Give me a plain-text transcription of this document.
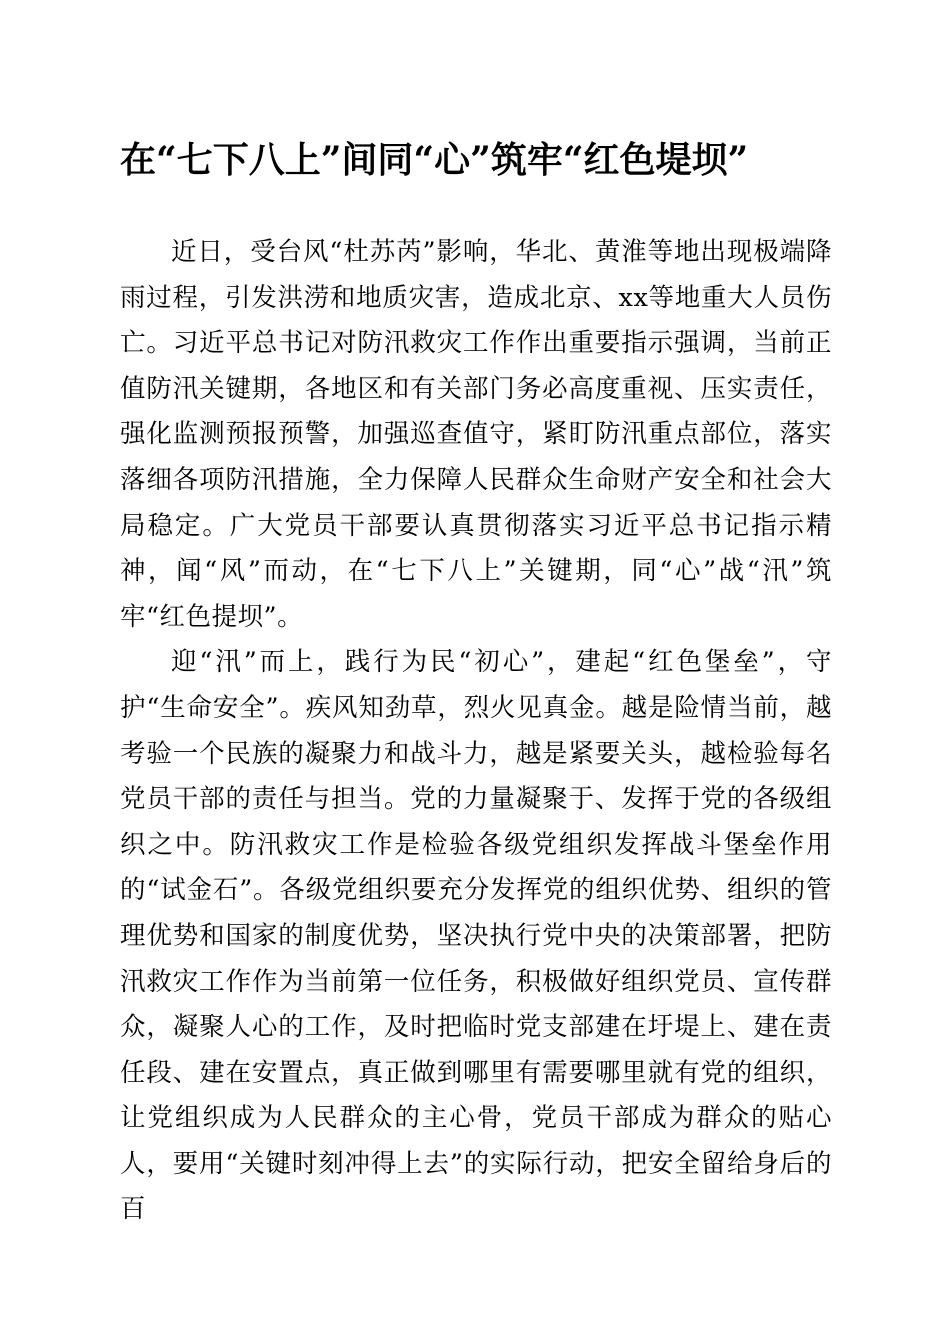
在“七下八上”间同“心”筑牢“红色堤坝”

近日，受台风“杜苏芮”影响，华北、黄淮等地出现极端降雨过程，引发洪涝和地质灾害，造成北京、xx等地重大人员伤亡。习近平总书记对防汛救灾工作作出重要指示强调，当前正值防汛关键期，各地区和有关部门务必高度重视、压实责任，强化监测预报预警，加强巡查值守，紧盯防汛重点部位，落实落细各项防汛措施，全力保障人民群众生命财产安全和社会大局稳定。广大党员干部要认真贯彻落实习近平总书记指示精神，闻“风”而动，在“七下八上”关键期，同“心”战“汛”筑牢“红色提坝”。

迎“汛”而上，践行为民“初心”，建起“红色堡垒”，守护“生命安全”。疾风知劲草，烈火见真金。越是险情当前，越考验一个民族的凝聚力和战斗力，越是紧要关头，越检验每名党员干部的责任与担当。党的力量凝聚于、发挥于党的各级组织之中。防汛救灾工作是检验各级党组织发挥战斗堡垒作用的“试金石”。各级党组织要充分发挥党的组织优势、组织的管理优势和国家的制度优势，坚决执行党中央的决策部署，把防汛救灾工作作为当前第一位任务，积极做好组织党员、宣传群众，凝聚人心的工作，及时把临时党支部建在圩堤上、建在责任段、建在安置点，真正做到哪里有需要哪里就有党的组织，让党组织成为人民群众的主心骨，党员干部成为群众的贴心人，要用“关键时刻冲得上去”的实际行动，把安全留给身后的百
